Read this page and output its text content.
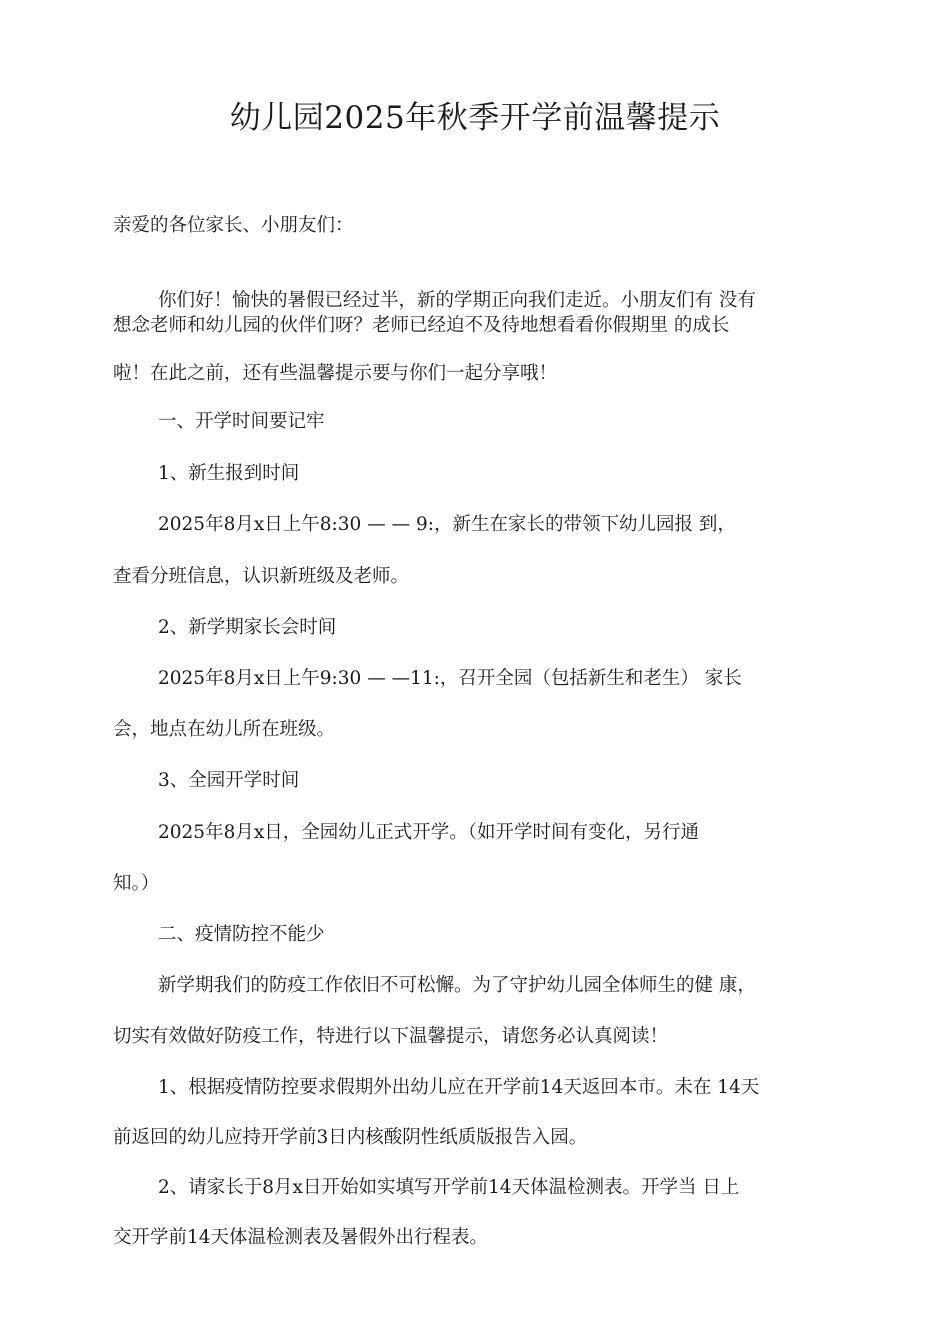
幼儿园2025年秋季开学前温馨提示

亲爱的各位家长、小朋友们：

你们好！愉快的暑假已经过半，新的学期正向我们走近。小朋友们有 没有

想念老师和幼儿园的伙伴们呀？老师已经迫不及待地想看看你假期里 的成长

啦！在此之前，还有些温馨提示要与你们一起分享哦！

一、开学时间要记牢

1、新生报到时间

2025年8月x日上午8:30 — — 9:，新生在家长的带领下幼儿园报 到，

查看分班信息，认识新班级及老师。

2、新学期家长会时间

2025年8月x日上午9:30 — —11:，召开全园（包括新生和老生） 家长

会，地点在幼儿所在班级。

3、全园开学时间

2025年8月x日，全园幼儿正式开学。（如开学时间有变化，另行通

知。）

二、疫情防控不能少

新学期我们的防疫工作依旧不可松懈。为了守护幼儿园全体师生的健 康，

切实有效做好防疫工作，特进行以下温馨提示，请您务必认真阅读！

1、根据疫情防控要求假期外出幼儿应在开学前14天返回本市。未在 14天

前返回的幼儿应持开学前3日内核酸阴性纸质版报告入园。

2、请家长于8月x日开始如实填写开学前14天体温检测表。开学当 日上

交开学前14天体温检测表及暑假外出行程表。
